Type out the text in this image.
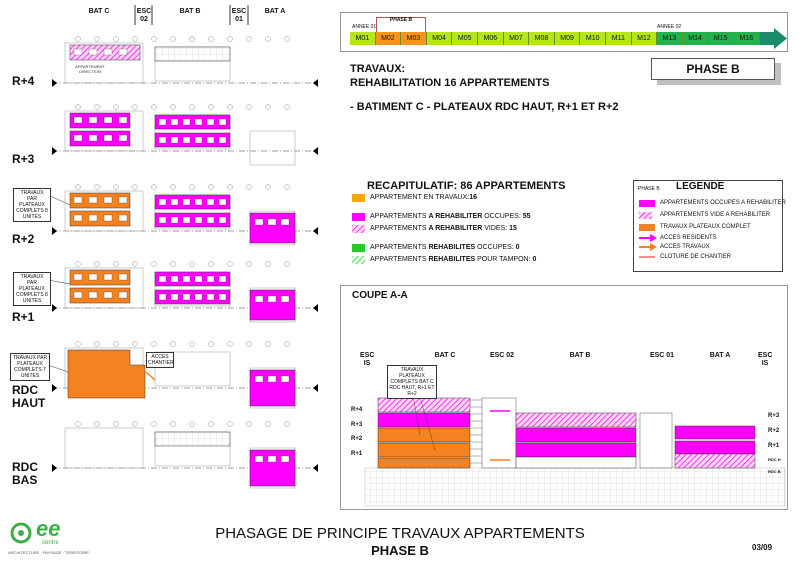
BAT C	ESC 02
BAT B	ESC 01
BAT A
R+4
R+3
R+2
R+1
RDC HAUT
RDC BAS
TRAVAUX PAR PLATEAUX COMPLETS 8 UNITES
TRAVAUX PAR PLATEAUX COMPLETS 8 UNITES
TRAVAUX PAR PLATEAUX COMPLETS 7 UNITES
ACCES CHANTIER
APPARTEMENT DIRECTION
ANNEE 01	ANNEE 02
PHASE B
M01	M02	M03	M04	M05	M06	M07	M08	M09	M10	M11	M12	M13	M14	M15	M16
PHASE B
TRAVAUX:
REHABILITATION 16 APPARTEMENTS
- BATIMENT C - PLATEAUX RDC HAUT, R+1 ET R+2
RECAPITULATIF: 86 APPARTEMENTS
APPARTEMENT EN TRAVAUX:16
APPARTEMENTS A REHABILITER OCCUPES: 55
APPARTEMENTS A REHABILITER VIDES: 15
APPARTEMENTS REHABILITES OCCUPES: 0
APPARTEMENTS REHABILITES POUR TAMPON: 0
PHASE B LEGENDE
APPARTEMENTS OCCUPES A REHABILITER
APPARTEMENTS VIDE A REHABILITER
TRAVAUX PLATEAUX COMPLET
ACCES RESIDENTS
ACCES TRAVAUX
CLOTURE DE CHANTIER
COUPE A-A
ESC IS
BAT C	ESC 02	BAT B	ESC 01	BAT A	ESC IS
TRAVAUX PLATEAUX COMPLETS BAT C RDC HAUT, R+1 ET R+2
R+4
R+3
R+2
R+1
R+3
R+2
R+1
RDC H
RDC B
ee
centre
ARCHITECTURE · PAYSAGE · TERRITOIRE
PHASAGE DE PRINCIPE TRAVAUX APPARTEMENTS
PHASE B	03/09
